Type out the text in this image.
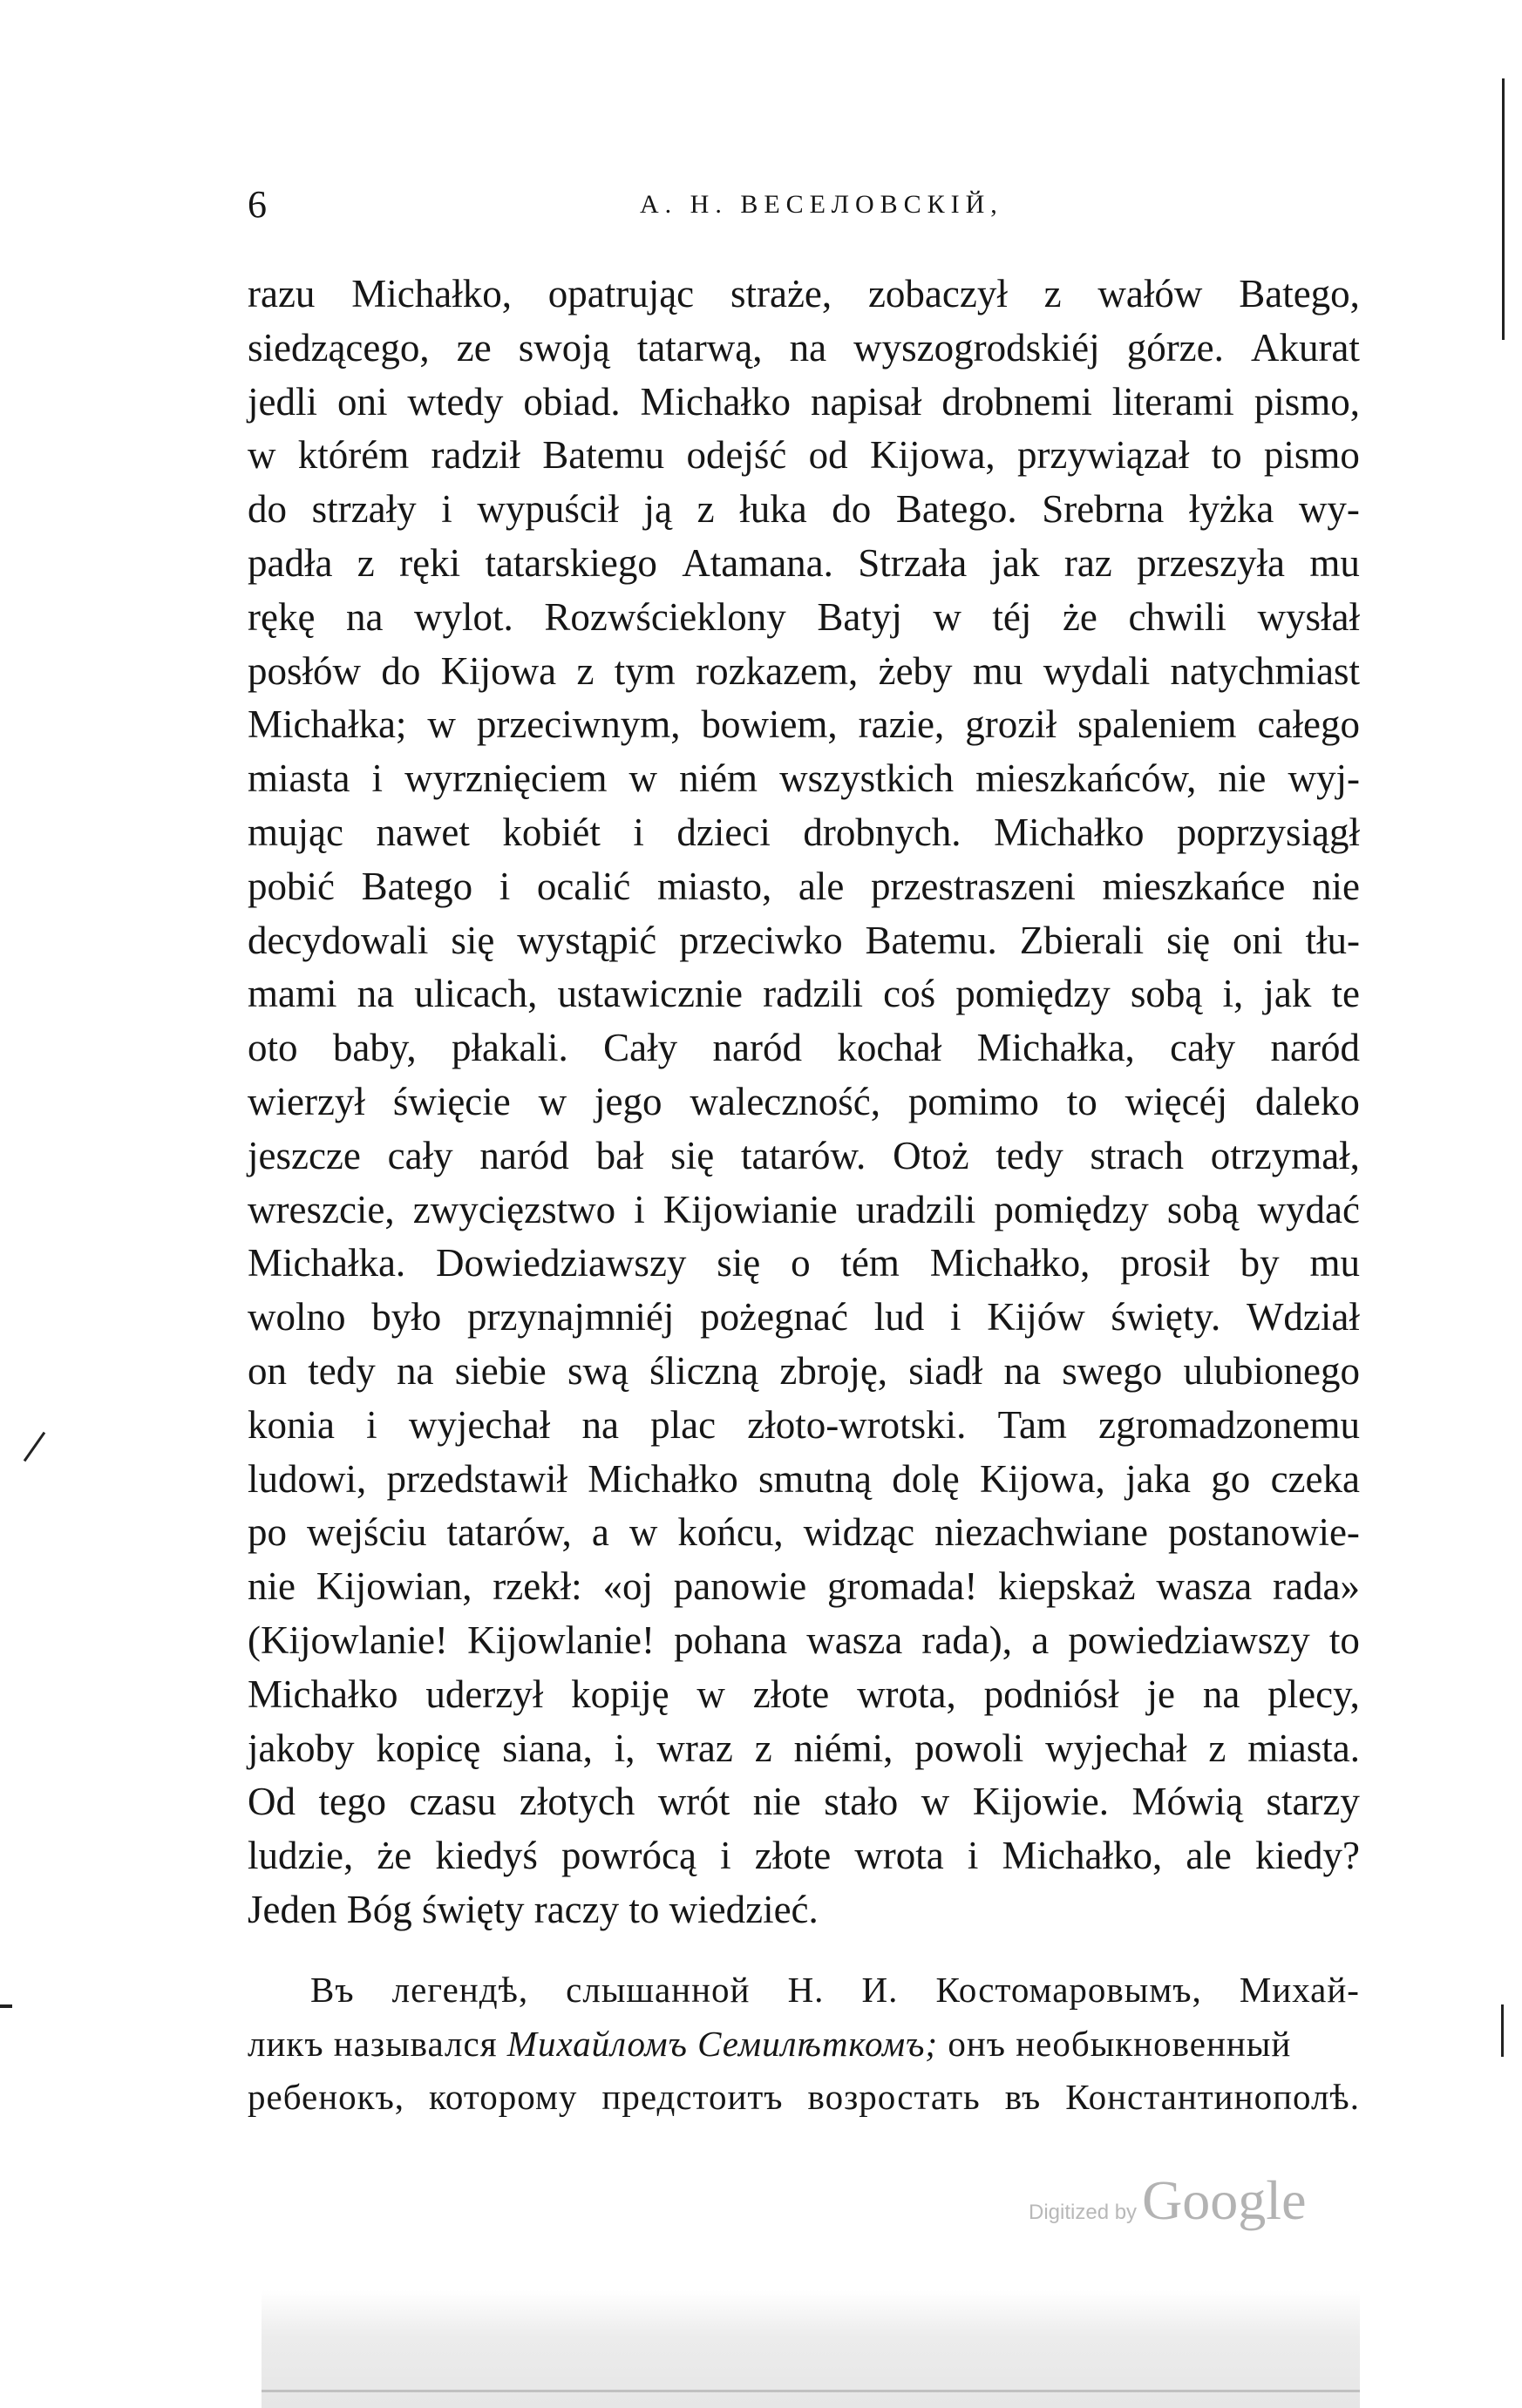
6	А. Н. ВЕСЕЛОВСКІЙ,
razu Michałko, opatrując straże, zobaczył z wałów Batego,
siedzącego, ze swoją tatarwą, na wyszogrodskiéj górze. Akurat
jedli oni wtedy obiad. Michałko napisał drobnemi literami pismo,
w którém radził Batemu odejść od Kijowa, przywiązał to pismo
do strzały i wypuścił ją z łuka do Batego. Srebrna łyżka wy-
padła z ręki tatarskiego Atamana. Strzała jak raz przeszyła mu
rękę na wylot. Rozwścieklony Batyj w téj że chwili wysłał
posłów do Kijowa z tym rozkazem, żeby mu wydali natychmiast
Michałka; w przeciwnym, bowiem, razie, groził spaleniem całego
miasta i wyrznięciem w niém wszystkich mieszkańców, nie wyj-
mując nawet kobiét i dzieci drobnych. Michałko poprzysiągł
pobić Batego i ocalić miasto, ale przestraszeni mieszkańce nie
decydowali się wystąpić przeciwko Batemu. Zbierali się oni tłu-
mami na ulicach, ustawicznie radzili coś pomiędzy sobą i, jak te
oto baby, płakali. Cały naród kochał Michałka, cały naród
wierzył święcie w jego waleczność, pomimo to więcéj daleko
jeszcze cały naród bał się tatarów. Otoż tedy strach otrzymał,
wreszcie, zwycięzstwo i Kijowianie uradzili pomiędzy sobą wydać
Michałka. Dowiedziawszy się o tém Michałko, prosił by mu
wolno było przynajmniéj pożegnać lud i Kijów święty. Wdział
on tedy na siebie swą śliczną zbroję, siadł na swego ulubionego
konia i wyjechał na plac złoto-wrotski. Tam zgromadzonemu
ludowi, przedstawił Michałko smutną dolę Kijowa, jaka go czeka
po wejściu tatarów, a w końcu, widząc niezachwiane postanowie-
nie Kijowian, rzekł: «oj panowie gromada! kiepskaż wasza rada»
(Kijowlanie! Kijowlanie! pohana wasza rada), a powiedziawszy to
Michałko uderzył kopiję w złote wrota, podniósł je na plecy,
jakoby kopicę siana, i, wraz z niémi, powoli wyjechał z miasta.
Od tego czasu złotych wrót nie stało w Kijowie. Mówią starzy
ludzie, że kiedyś powrócą i złote wrota i Michałko, ale kiedy?
Jeden Bóg święty raczy to wiedzieć.
Въ легендѣ, слышанной Н. И. Костомаровымъ, Михай-
ликъ назывался Михайломъ Семилѣткомъ; онъ необыкновенный
ребенокъ, которому предстоитъ возростать въ Константинополѣ.
Digitized by Google
